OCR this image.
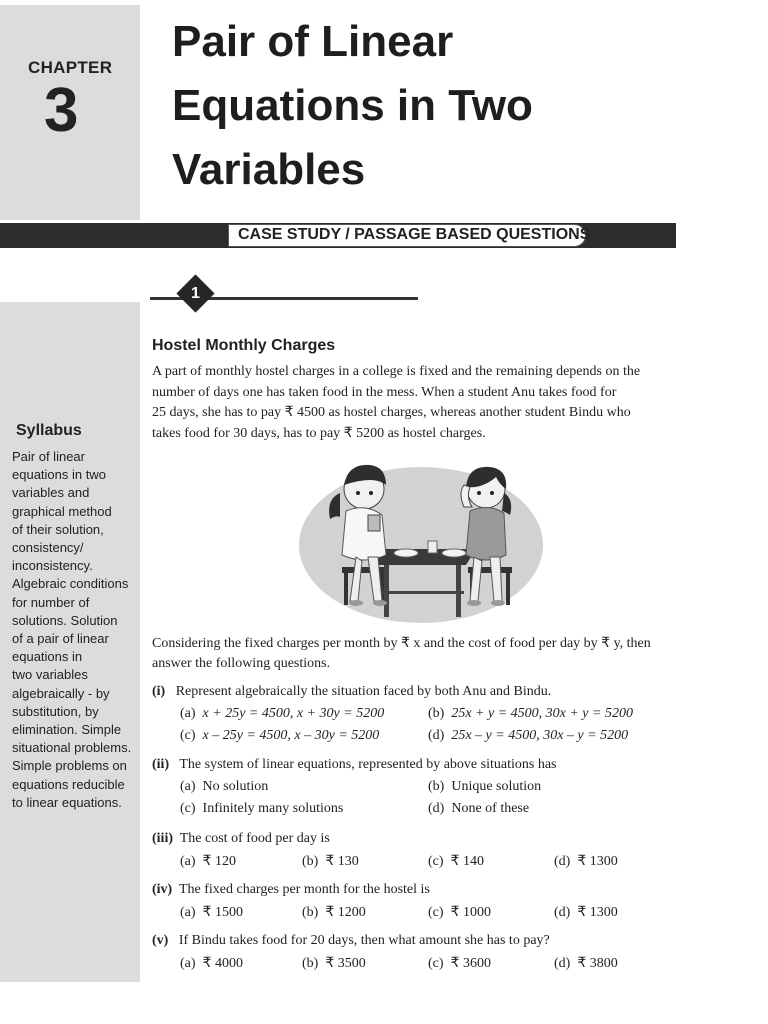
CHAPTER
3
Pair of Linear
Equations in Two
Variables
CASE STUDY / PASSAGE BASED QUESTIONS
1
Syllabus
Pair of linear
equations in two
variables and
graphical method
of their solution,
consistency/
inconsistency.
Algebraic conditions
for number of
solutions. Solution
of a pair of linear
equations in
two variables
algebraically - by
substitution, by
elimination. Simple
situational problems.
Simple problems on
equations reducible
to linear equations.
Hostel Monthly Charges
A part of monthly hostel charges in a college is fixed and the remaining depends on the
number of days one has taken food in the mess. When a student Anu takes food for
25 days, she has to pay ₹ 4500 as hostel charges, whereas another student Bindu who
takes food for 30 days, has to pay ₹ 5200 as hostel charges.
Considering the fixed charges per month by ₹ x and the cost of food per day by ₹ y, then
answer the following questions.
(i) Represent algebraically the situation faced by both Anu and Bindu.
(a) x + 25y = 4500, x + 30y = 5200	(b) 25x + y = 4500, 30x + y = 5200
(c) x – 25y = 4500, x – 30y = 5200	(d) 25x – y = 4500, 30x – y = 5200
(ii) The system of linear equations, represented by above situations has
(a) No solution	(b) Unique solution
(c) Infinitely many solutions	(d) None of these
(iii) The cost of food per day is
(a) ₹ 120	(b) ₹ 130	(c) ₹ 140	(d) ₹ 1300
(iv) The fixed charges per month for the hostel is
(a) ₹ 1500	(b) ₹ 1200	(c) ₹ 1000	(d) ₹ 1300
(v) If Bindu takes food for 20 days, then what amount she has to pay?
(a) ₹ 4000	(b) ₹ 3500	(c) ₹ 3600	(d) ₹ 3800
